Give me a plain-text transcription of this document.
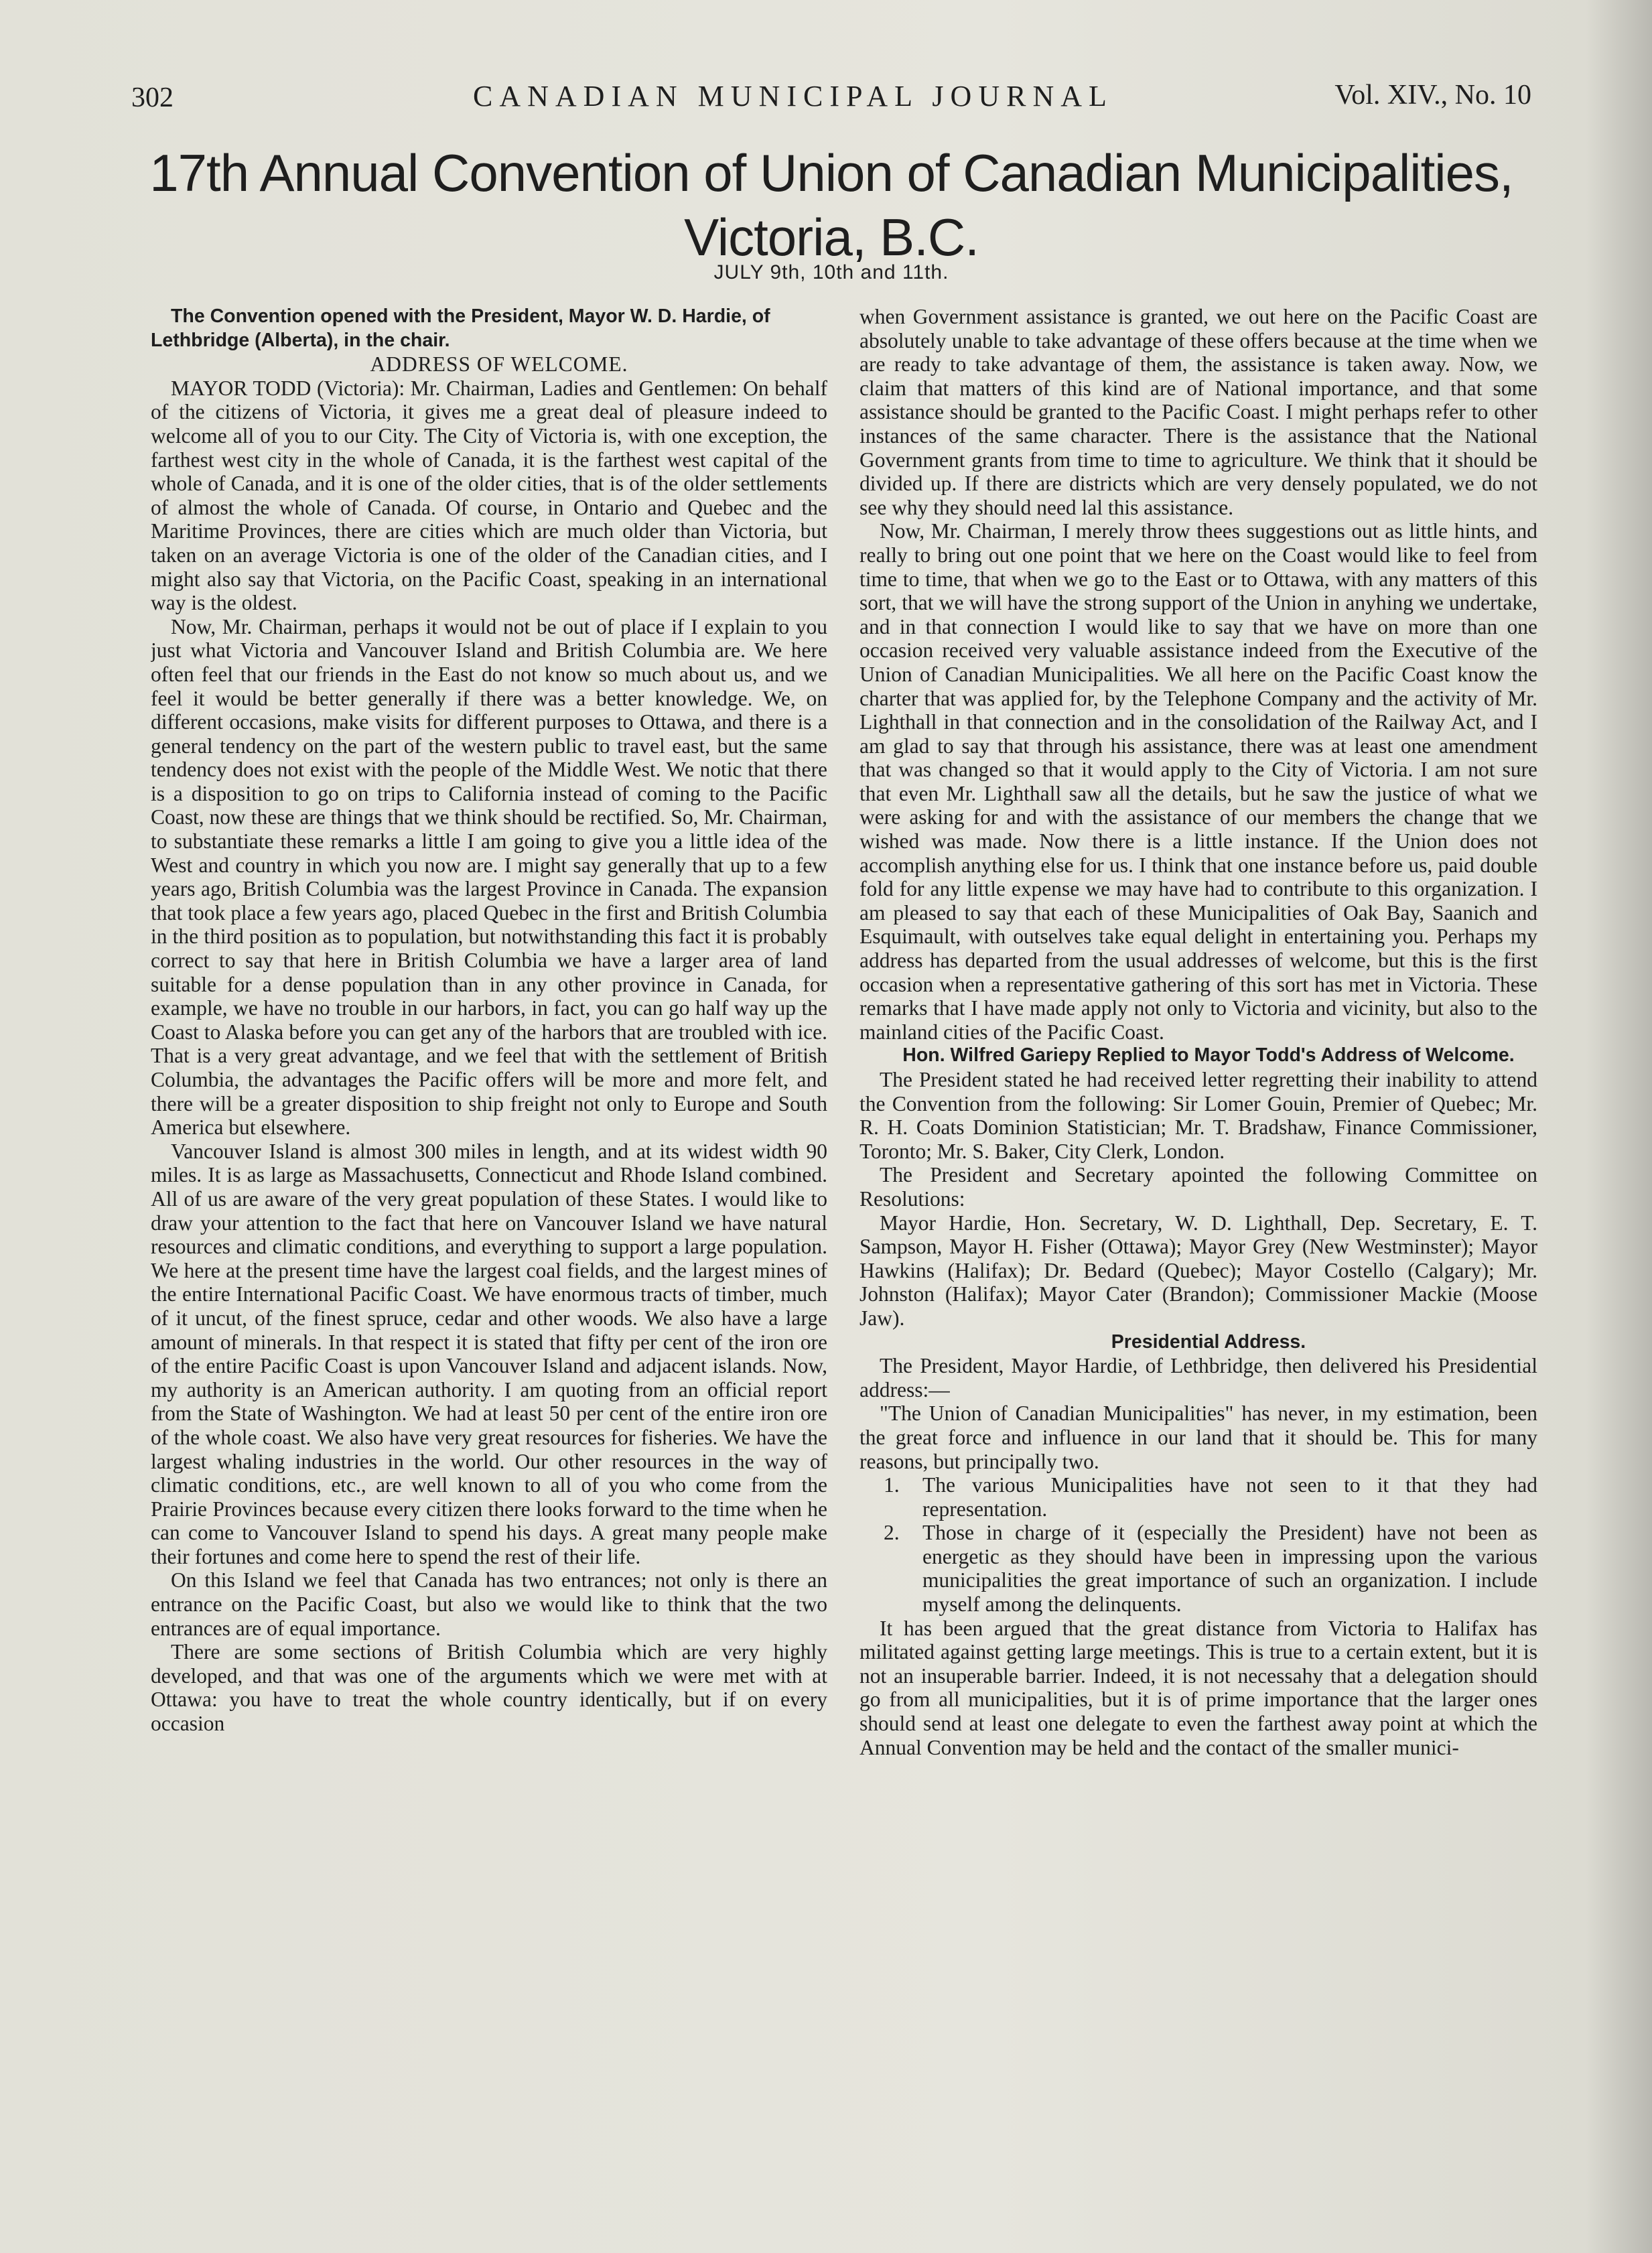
302	CANADIAN MUNICIPAL JOURNAL	Vol. XIV., No. 10
17th Annual Convention of Union of Canadian Municipalities, Victoria, B.C.
JULY 9th, 10th and 11th.

The Convention opened with the President, Mayor W. D. Hardie, of Lethbridge (Alberta), in the chair.

ADDRESS OF WELCOME.

MAYOR TODD (Victoria): Mr. Chairman, Ladies and Gentlemen: On behalf of the citizens of Victoria, it gives me a great deal of pleasure indeed to welcome all of you to our City. The City of Victoria is, with one exception, the farthest west city in the whole of Canada, it is the farthest west capital of the whole of Canada, and it is one of the older cities, that is of the older settlements of almost the whole of Canada. Of course, in Ontario and Quebec and the Maritime Provinces, there are cities which are much older than Victoria, but taken on an average Victoria is one of the older of the Canadian cities, and I might also say that Victoria, on the Pacific Coast, speaking in an international way is the oldest.

Now, Mr. Chairman, perhaps it would not be out of place if I explain to you just what Victoria and Vancouver Island and British Columbia are. We here often feel that our friends in the East do not know so much about us, and we feel it would be better generally if there was a better knowledge. We, on different occasions, make visits for different purposes to Ottawa, and there is a general tendency on the part of the western public to travel east, but the same tendency does not exist with the people of the Middle West. We notic that there is a disposition to go on trips to California instead of coming to the Pacific Coast, now these are things that we think should be rectified. So, Mr. Chairman, to substantiate these remarks a little I am going to give you a little idea of the West and country in which you now are. I might say generally that up to a few years ago, British Columbia was the largest Province in Canada. The expansion that took place a few years ago, placed Quebec in the first and British Columbia in the third position as to population, but notwithstanding this fact it is probably correct to say that here in British Columbia we have a larger area of land suitable for a dense population than in any other province in Canada, for example, we have no trouble in our harbors, in fact, you can go half way up the Coast to Alaska before you can get any of the harbors that are troubled with ice. That is a very great advantage, and we feel that with the settlement of British Columbia, the advantages the Pacific offers will be more and more felt, and there will be a greater disposition to ship freight not only to Europe and South America but elsewhere.

Vancouver Island is almost 300 miles in length, and at its widest width 90 miles. It is as large as Massachusetts, Connecticut and Rhode Island combined. All of us are aware of the very great population of these States. I would like to draw your attention to the fact that here on Vancouver Island we have natural resources and climatic conditions, and everything to support a large population. We here at the present time have the largest coal fields, and the largest mines of the entire International Pacific Coast. We have enormous tracts of timber, much of it uncut, of the finest spruce, cedar and other woods. We also have a large amount of minerals. In that respect it is stated that fifty per cent of the iron ore of the entire Pacific Coast is upon Vancouver Island and adjacent islands. Now, my authority is an American authority. I am quoting from an official report from the State of Washington. We had at least 50 per cent of the entire iron ore of the whole coast. We also have very great resources for fisheries. We have the largest whaling industries in the world. Our other resources in the way of climatic conditions, etc., are well known to all of you who come from the Prairie Provinces because every citizen there looks forward to the time when he can come to Vancouver Island to spend his days. A great many people make their fortunes and come here to spend the rest of their life.

On this Island we feel that Canada has two entrances; not only is there an entrance on the Pacific Coast, but also we would like to think that the two entrances are of equal importance.

There are some sections of British Columbia which are very highly developed, and that was one of the arguments which we were met with at Ottawa: you have to treat the whole country identically, but if on every occasion

when Government assistance is granted, we out here on the Pacific Coast are absolutely unable to take advantage of these offers because at the time when we are ready to take advantage of them, the assistance is taken away. Now, we claim that matters of this kind are of National importance, and that some assistance should be granted to the Pacific Coast. I might perhaps refer to other instances of the same character. There is the assistance that the National Government grants from time to time to agriculture. We think that it should be divided up. If there are districts which are very densely populated, we do not see why they should need lal this assistance.

Now, Mr. Chairman, I merely throw thees suggestions out as little hints, and really to bring out one point that we here on the Coast would like to feel from time to time, that when we go to the East or to Ottawa, with any matters of this sort, that we will have the strong support of the Union in anyhing we undertake, and in that connection I would like to say that we have on more than one occasion received very valuable assistance indeed from the Executive of the Union of Canadian Municipalities. We all here on the Pacific Coast know the charter that was applied for, by the Telephone Company and the activity of Mr. Lighthall in that connection and in the consolidation of the Railway Act, and I am glad to say that through his assistance, there was at least one amendment that was changed so that it would apply to the City of Victoria. I am not sure that even Mr. Lighthall saw all the details, but he saw the justice of what we were asking for and with the assistance of our members the change that we wished was made. Now there is a little instance. If the Union does not accomplish anything else for us. I think that one instance before us, paid double fold for any little expense we may have had to contribute to this organization. I am pleased to say that each of these Municipalities of Oak Bay, Saanich and Esquimault, with outselves take equal delight in entertaining you. Perhaps my address has departed from the usual addresses of welcome, but this is the first occasion when a representative gathering of this sort has met in Victoria. These remarks that I have made apply not only to Victoria and vicinity, but also to the mainland cities of the Pacific Coast.

Hon. Wilfred Gariepy Replied to Mayor Todd's Address of Welcome.

The President stated he had received letter regretting their inability to attend the Convention from the following: Sir Lomer Gouin, Premier of Quebec; Mr. R. H. Coats Dominion Statistician; Mr. T. Bradshaw, Finance Commissioner, Toronto; Mr. S. Baker, City Clerk, London.

The President and Secretary apointed the following Committee on Resolutions:

Mayor Hardie, Hon. Secretary, W. D. Lighthall, Dep. Secretary, E. T. Sampson, Mayor H. Fisher (Ottawa); Mayor Grey (New Westminster); Mayor Hawkins (Halifax); Dr. Bedard (Quebec); Mayor Costello (Calgary); Mr. Johnston (Halifax); Mayor Cater (Brandon); Commissioner Mackie (Moose Jaw).

Presidential Address.

The President, Mayor Hardie, of Lethbridge, then delivered his Presidential address:—

"The Union of Canadian Municipalities" has never, in my estimation, been the great force and influence in our land that it should be. This for many reasons, but principally two.

1. The various Municipalities have not seen to it that they had representation.
2. Those in charge of it (especially the President) have not been as energetic as they should have been in impressing upon the various municipalities the great importance of such an organization. I include myself among the delinquents.

It has been argued that the great distance from Victoria to Halifax has militated against getting large meetings. This is true to a certain extent, but it is not an insuperable barrier. Indeed, it is not necessahy that a delegation should go from all municipalities, but it is of prime importance that the larger ones should send at least one delegate to even the farthest away point at which the Annual Convention may be held and the contact of the smaller munici-
